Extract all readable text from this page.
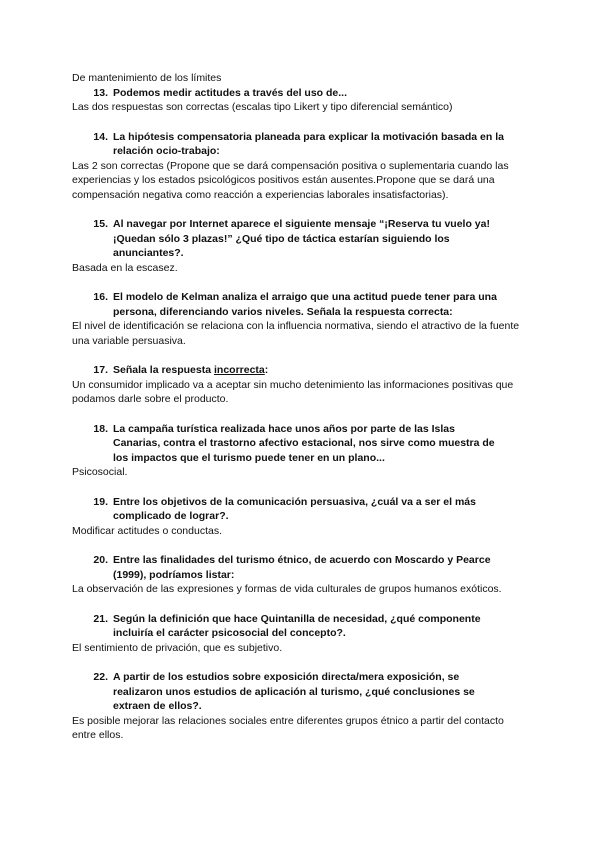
De mantenimiento de los límites

13. Podemos medir actitudes a través del uso de...

Las dos respuestas son correctas (escalas tipo Likert y tipo diferencial semántico)

14. La hipótesis compensatoria planeada para explicar la motivación basada en la relación ocio-trabajo:

Las 2 son correctas (Propone que se dará compensación positiva o suplementaria cuando las experiencias y los estados psicológicos positivos están ausentes.Propone que se dará una compensación negativa como reacción a experiencias laborales insatisfactorias).

15. Al navegar por Internet aparece el siguiente mensaje “¡Reserva tu vuelo ya! ¡Quedan sólo 3 plazas!” ¿Qué tipo de táctica estarían siguiendo los anunciantes?.

Basada en la escasez.

16. El modelo de Kelman analiza el arraigo que una actitud puede tener para una persona, diferenciando varios niveles. Señala la respuesta correcta:

El nivel de identificación se relaciona con la influencia normativa, siendo el atractivo de la fuente una variable persuasiva.

17. Señala la respuesta incorrecta:

Un consumidor implicado va a aceptar sin mucho detenimiento las informaciones positivas que podamos darle sobre el producto.

18. La campaña turística realizada hace unos años por parte de las Islas Canarias, contra el trastorno afectivo estacional, nos sirve como muestra de los impactos que el turismo puede tener en un plano...

Psicosocial.

19. Entre los objetivos de la comunicación persuasiva, ¿cuál va a ser el más complicado de lograr?.

Modificar actitudes o conductas.

20. Entre las finalidades del turismo étnico, de acuerdo con Moscardo y Pearce (1999), podríamos listar:

La observación de las expresiones y formas de vida culturales de grupos humanos exóticos.

21. Según la definición que hace Quintanilla de necesidad, ¿qué componente incluiría el carácter psicosocial del concepto?.

El sentimiento de privación, que es subjetivo.

22. A partir de los estudios sobre exposición directa/mera exposición, se realizaron unos estudios de aplicación al turismo, ¿qué conclusiones se extraen de ellos?.

Es posible mejorar las relaciones sociales entre diferentes grupos étnico a partir del contacto entre ellos.
